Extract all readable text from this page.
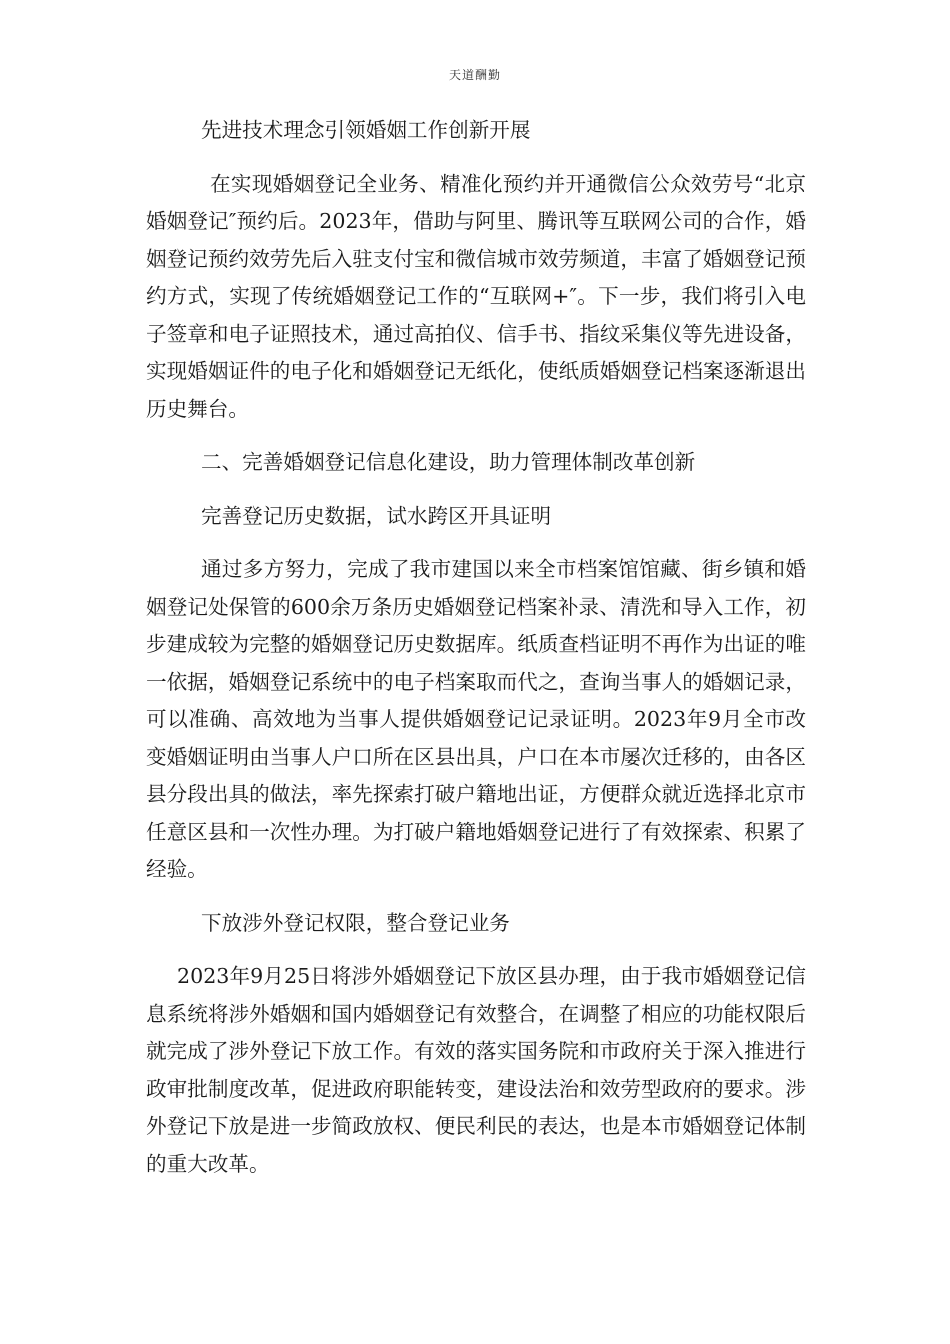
天道酬勤

先进技术理念引领婚姻工作创新开展

在实现婚姻登记全业务、精准化预约并开通微信公众效劳号“北京婚姻登记″预约后。2023年，借助与阿里、腾讯等互联网公司的合作，婚姻登记预约效劳先后入驻支付宝和微信城市效劳频道，丰富了婚姻登记预约方式，实现了传统婚姻登记工作的“互联网+″。下一步，我们将引入电子签章和电子证照技术，通过高拍仪、信手书、指纹采集仪等先进设备，实现婚姻证件的电子化和婚姻登记无纸化，使纸质婚姻登记档案逐渐退出历史舞台。

二、完善婚姻登记信息化建设，助力管理体制改革创新

完善登记历史数据，试水跨区开具证明

通过多方努力，完成了我市建国以来全市档案馆馆藏、街乡镇和婚姻登记处保管的600余万条历史婚姻登记档案补录、清洗和导入工作，初步建成较为完整的婚姻登记历史数据库。纸质查档证明不再作为出证的唯一依据，婚姻登记系统中的电子档案取而代之，查询当事人的婚姻记录，可以准确、高效地为当事人提供婚姻登记记录证明。2023年9月全市改变婚姻证明由当事人户口所在区县出具，户口在本市屡次迁移的，由各区县分段出具的做法，率先探索打破户籍地出证，方便群众就近选择北京市任意区县和一次性办理。为打破户籍地婚姻登记进行了有效探索、积累了经验。

下放涉外登记权限，整合登记业务

2023年9月25日将涉外婚姻登记下放区县办理，由于我市婚姻登记信息系统将涉外婚姻和国内婚姻登记有效整合，在调整了相应的功能权限后就完成了涉外登记下放工作。有效的落实国务院和市政府关于深入推进行政审批制度改革，促进政府职能转变，建设法治和效劳型政府的要求。涉外登记下放是进一步简政放权、便民利民的表达，也是本市婚姻登记体制的重大改革。
